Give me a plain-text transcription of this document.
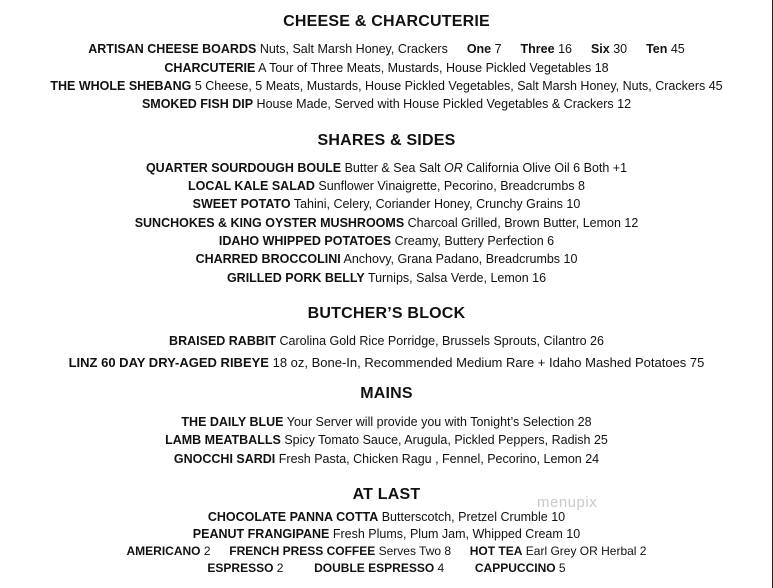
CHEESE & CHARCUTERIE
ARTISAN CHEESE BOARDS Nuts, Salt Marsh Honey, Crackers One 7 Three 16 Six 30 Ten 45
CHARCUTERIE A Tour of Three Meats, Mustards, House Pickled Vegetables 18
THE WHOLE SHEBANG 5 Cheese, 5 Meats, Mustards, House Pickled Vegetables, Salt Marsh Honey, Nuts, Crackers 45
SMOKED FISH DIP House Made, Served with House Pickled Vegetables & Crackers 12
SHARES & SIDES
QUARTER SOURDOUGH BOULE Butter & Sea Salt OR California Olive Oil 6 Both +1
LOCAL KALE SALAD Sunflower Vinaigrette, Pecorino, Breadcrumbs 8
SWEET POTATO Tahini, Celery, Coriander Honey, Crunchy Grains 10
SUNCHOKES & KING OYSTER MUSHROOMS Charcoal Grilled, Brown Butter, Lemon 12
IDAHO WHIPPED POTATOES Creamy, Buttery Perfection 6
CHARRED BROCCOLINI Anchovy, Grana Padano, Breadcrumbs 10
GRILLED PORK BELLY Turnips, Salsa Verde, Lemon 16
BUTCHER’S BLOCK
BRAISED RABBIT Carolina Gold Rice Porridge, Brussels Sprouts, Cilantro 26
LINZ 60 DAY DRY-AGED RIBEYE 18 oz, Bone-In, Recommended Medium Rare + Idaho Mashed Potatoes 75
MAINS
THE DAILY BLUE Your Server will provide you with Tonight’s Selection 28
LAMB MEATBALLS Spicy Tomato Sauce, Arugula, Pickled Peppers, Radish 25
GNOCCHI SARDI Fresh Pasta, Chicken Ragu , Fennel, Pecorino, Lemon 24
AT LAST
CHOCOLATE PANNA COTTA Butterscotch, Pretzel Crumble 10
PEANUT FRANGIPANE Fresh Plums, Plum Jam, Whipped Cream 10
AMERICANO 2 FRENCH PRESS COFFEE Serves Two 8 HOT TEA Earl Grey OR Herbal 2
ESPRESSO 2	DOUBLE ESPRESSO 4	CAPPUCCINO 5
menupix
